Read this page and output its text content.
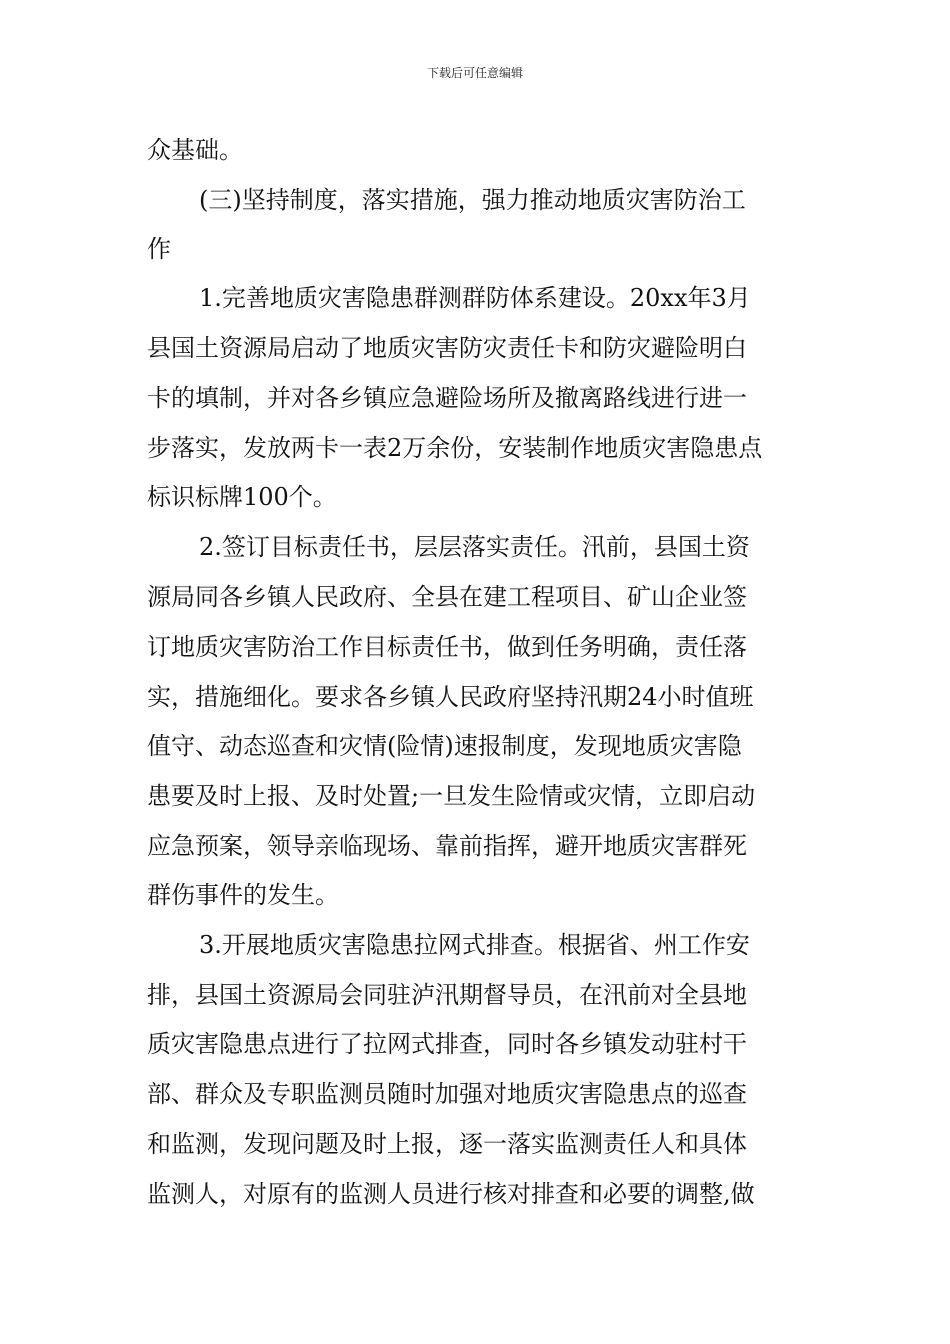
下载后可任意编辑
众基础。
(三)坚持制度，落实措施，强力推动地质灾害防治工
作
1.完善地质灾害隐患群测群防体系建设。20xx年3月
县国土资源局启动了地质灾害防灾责任卡和防灾避险明白
卡的填制，并对各乡镇应急避险场所及撤离路线进行进一
步落实，发放两卡一表2万余份，安装制作地质灾害隐患点
标识标牌100个。
2.签订目标责任书，层层落实责任。汛前，县国土资
源局同各乡镇人民政府、全县在建工程项目、矿山企业签
订地质灾害防治工作目标责任书，做到任务明确，责任落
实，措施细化。要求各乡镇人民政府坚持汛期24小时值班
值守、动态巡查和灾情(险情)速报制度，发现地质灾害隐
患要及时上报、及时处置;一旦发生险情或灾情，立即启动
应急预案，领导亲临现场、靠前指挥，避开地质灾害群死
群伤事件的发生。
3.开展地质灾害隐患拉网式排查。根据省、州工作安
排，县国土资源局会同驻泸汛期督导员，在汛前对全县地
质灾害隐患点进行了拉网式排查，同时各乡镇发动驻村干
部、群众及专职监测员随时加强对地质灾害隐患点的巡查
和监测，发现问题及时上报，逐一落实监测责任人和具体
监测人，对原有的监测人员进行核对排查和必要的调整,做
